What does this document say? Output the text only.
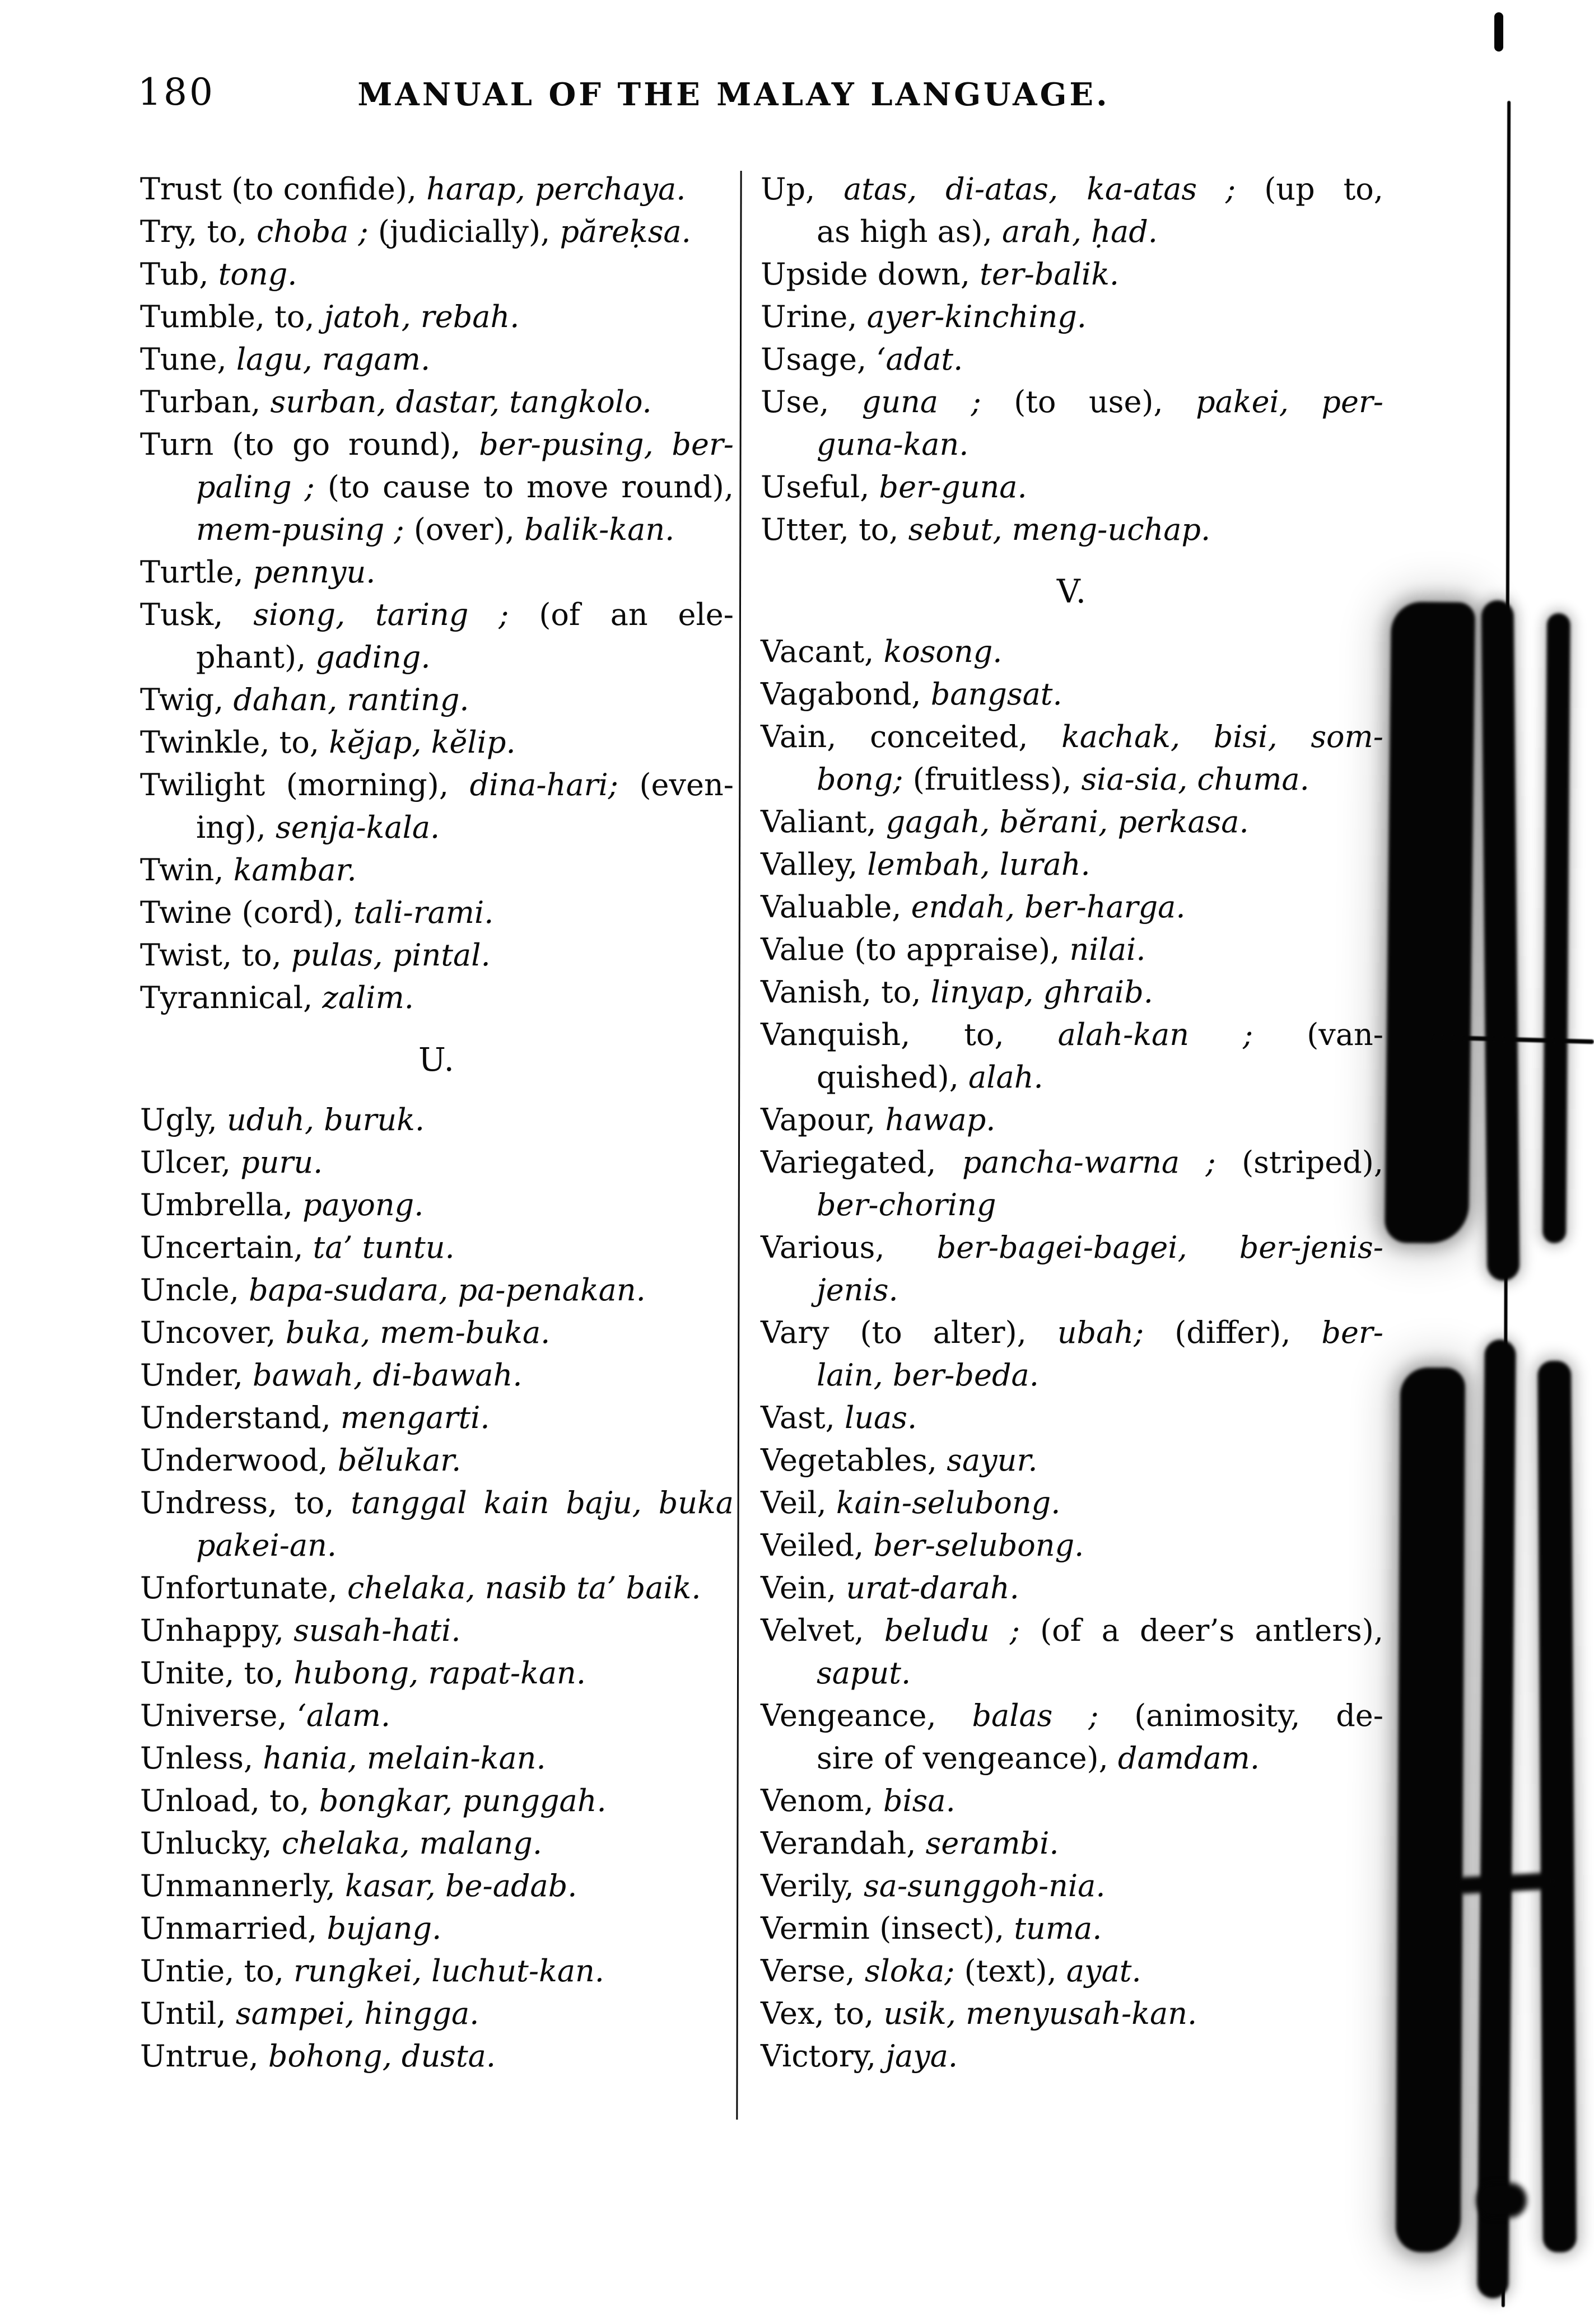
180	MANUAL OF THE MALAY LANGUAGE.
Trust (to confide), harap, perchaya.
Try, to, choba ; (judicially), păreḳsa.
Tub, tong.
Tumble, to, jatoh, rebah.
Tune, lagu, ragam.
Turban, surban, dastar, tangkolo.
Turn (to go round), ber-pusing, ber-
paling ; (to cause to move round),
mem-pusing ; (over), balik-kan.
Turtle, pennyu.
Tusk, siong, taring ; (of an ele-
phant), gading.
Twig, dahan, ranting.
Twinkle, to, kĕjap, kĕlip.
Twilight (morning), dina-hari; (even-
ing), senja-kala.
Twin, kambar.
Twine (cord), tali-rami.
Twist, to, pulas, pintal.
Tyrannical, zalim.
U.
Ugly, uduh, buruk.
Ulcer, puru.
Umbrella, payong.
Uncertain, ta’ tuntu.
Uncle, bapa-sudara, pa-penakan.
Uncover, buka, mem-buka.
Under, bawah, di-bawah.
Understand, mengarti.
Underwood, bĕlukar.
Undress, to, tanggal kain baju, buka
pakei-an.
Unfortunate, chelaka, nasib ta’ baik.
Unhappy, susah-hati.
Unite, to, hubong, rapat-kan.
Universe, ‘alam.
Unless, hania, melain-kan.
Unload, to, bongkar, punggah.
Unlucky, chelaka, malang.
Unmannerly, kasar, be-adab.
Unmarried, bujang.
Untie, to, rungkei, luchut-kan.
Until, sampei, hingga.
Untrue, bohong, dusta.
Up, atas, di-atas, ka-atas ; (up to,
as high as), arah, ḥad.
Upside down, ter-balik.
Urine, ayer-kinching.
Usage, ‘adat.
Use, guna ; (to use), pakei, per-
guna-kan.
Useful, ber-guna.
Utter, to, sebut, meng-uchap.
V.
Vacant, kosong.
Vagabond, bangsat.
Vain, conceited, kachak, bisi, som-
bong; (fruitless), sia-sia, chuma.
Valiant, gagah, bĕrani, perkasa.
Valley, lembah, lurah.
Valuable, endah, ber-harga.
Value (to appraise), nilai.
Vanish, to, linyap, ghraib.
Vanquish, to, alah-kan ; (van-
quished), alah.
Vapour, hawap.
Variegated, pancha-warna ; (striped),
ber-choring
Various, ber-bagei-bagei, ber-jenis-
jenis.
Vary (to alter), ubah; (differ), ber-
lain, ber-beda.
Vast, luas.
Vegetables, sayur.
Veil, kain-selubong.
Veiled, ber-selubong.
Vein, urat-darah.
Velvet, beludu ; (of a deer’s antlers),
saput.
Vengeance, balas ; (animosity, de-
sire of vengeance), damdam.
Venom, bisa.
Verandah, serambi.
Verily, sa-sunggoh-nia.
Vermin (insect), tuma.
Verse, sloka; (text), ayat.
Vex, to, usik, menyusah-kan.
Victory, jaya.
